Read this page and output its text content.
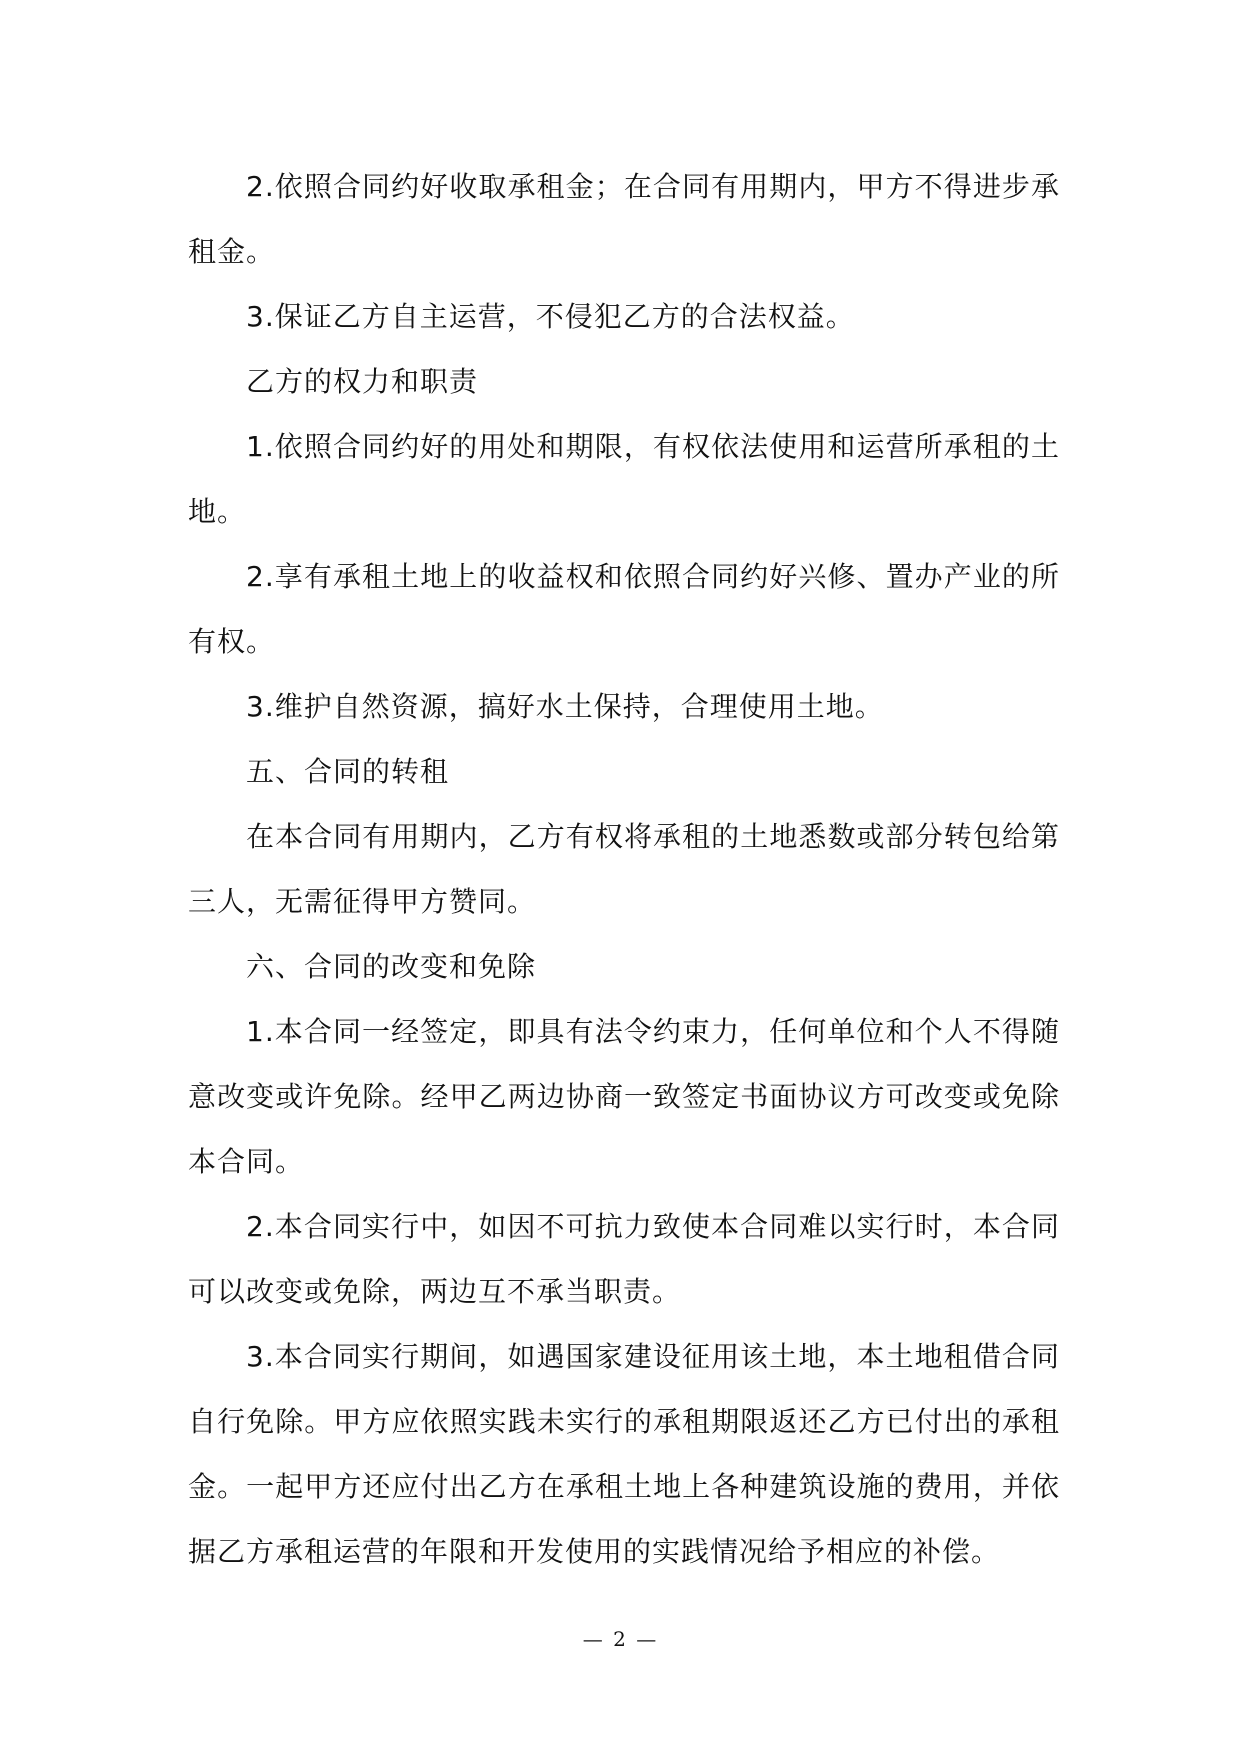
2.依照合同约好收取承租金；在合同有用期内，甲方不得进步承租金。

3.保证乙方自主运营，不侵犯乙方的合法权益。

乙方的权力和职责

1.依照合同约好的用处和期限，有权依法使用和运营所承租的土地。

2.享有承租土地上的收益权和依照合同约好兴修、置办产业的所有权。

3.维护自然资源，搞好水土保持，合理使用土地。

五、合同的转租

在本合同有用期内，乙方有权将承租的土地悉数或部分转包给第三人，无需征得甲方赞同。

六、合同的改变和免除

1.本合同一经签定，即具有法令约束力，任何单位和个人不得随意改变或许免除。经甲乙两边协商一致签定书面协议方可改变或免除本合同。

2.本合同实行中，如因不可抗力致使本合同难以实行时，本合同可以改变或免除，两边互不承当职责。

3.本合同实行期间，如遇国家建设征用该土地，本土地租借合同自行免除。甲方应依照实践未实行的承租期限返还乙方已付出的承租金。一起甲方还应付出乙方在承租土地上各种建筑设施的费用，并依据乙方承租运营的年限和开发使用的实践情况给予相应的补偿。

— 2 —
